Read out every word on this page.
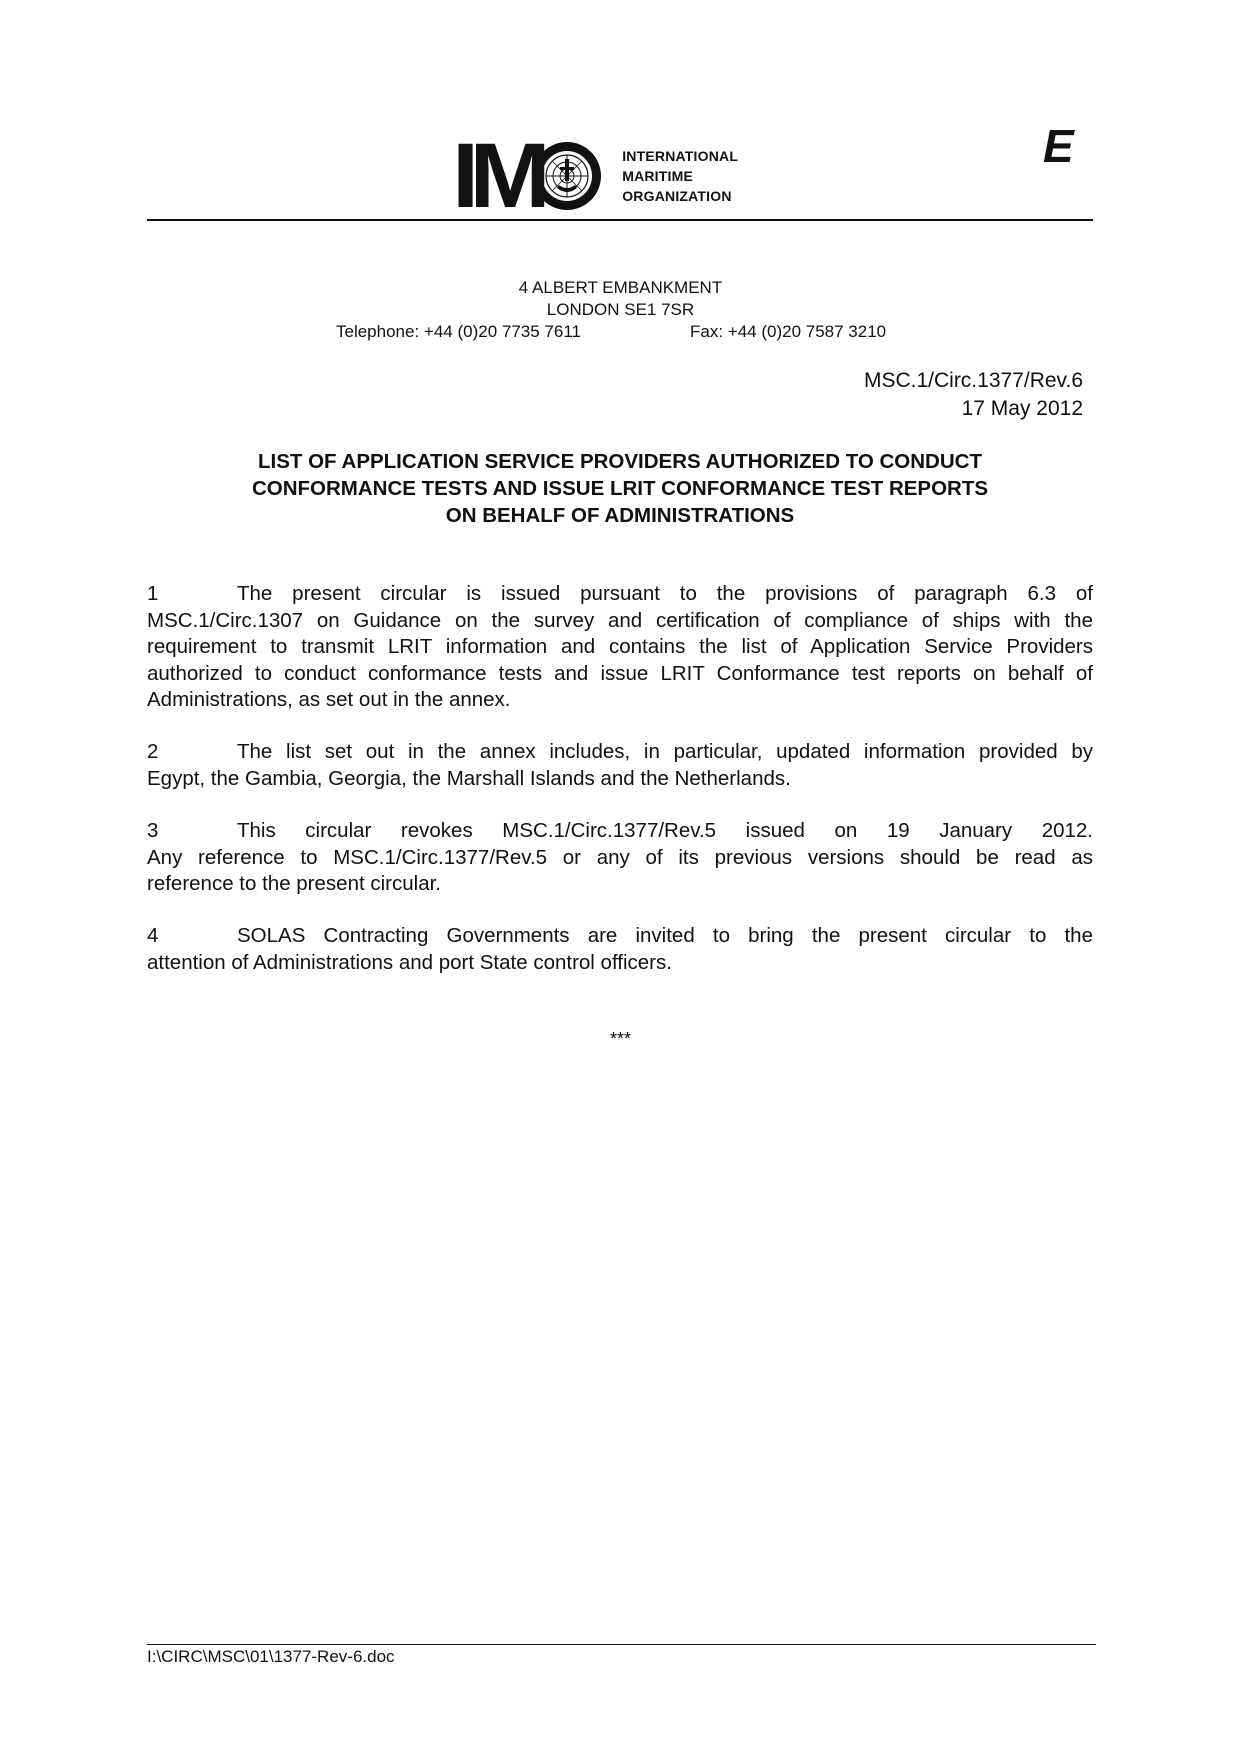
IM	INTERNATIONAL
MARITIME
ORGANIZATION
E
4 ALBERT EMBANKMENT
LONDON SE1 7SR
Telephone: +44 (0)20 7735 7611	Fax: +44 (0)20 7587 3210
MSC.1/Circ.1377/Rev.6
17 May 2012
LIST OF APPLICATION SERVICE PROVIDERS AUTHORIZED TO CONDUCT
CONFORMANCE TESTS AND ISSUE LRIT CONFORMANCE TEST REPORTS
ON BEHALF OF ADMINISTRATIONS
1	The present circular is issued pursuant to the provisions of paragraph 6.3 of
MSC.1/Circ.1307 on Guidance on the survey and certification of compliance of ships with the
requirement to transmit LRIT information and contains the list of Application Service Providers
authorized to conduct conformance tests and issue LRIT Conformance test reports on behalf of
Administrations, as set out in the annex.
2	The list set out in the annex includes, in particular, updated information provided by
Egypt, the Gambia, Georgia, the Marshall Islands and the Netherlands.
3	This circular revokes MSC.1/Circ.1377/Rev.5 issued on 19 January 2012.
Any reference to MSC.1/Circ.1377/Rev.5 or any of its previous versions should be read as
reference to the present circular.
4	SOLAS Contracting Governments are invited to bring the present circular to the
attention of Administrations and port State control officers.
***
I:\CIRC\MSC\01\1377-Rev-6.doc
